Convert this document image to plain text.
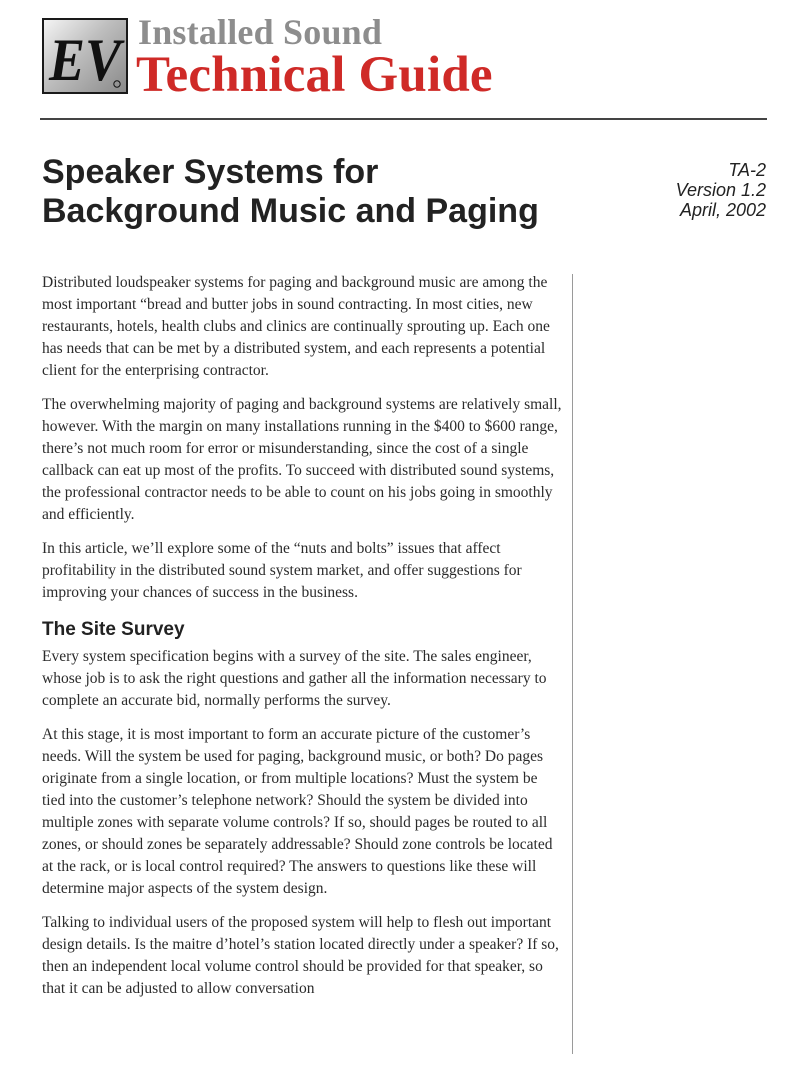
EV Installed Sound
Technical Guide
Speaker Systems for
Background Music and Paging
TA-2
Version 1.2
April, 2002

Distributed loudspeaker systems for paging and background music are among the most important “bread and butter jobs in sound contracting. In most cities, new restaurants, hotels, health clubs and clinics are continually sprouting up. Each one has needs that can be met by a distributed system, and each represents a potential client for the enterprising contractor.

The overwhelming majority of paging and background systems are relatively small, however. With the margin on many installations running in the $400 to $600 range, there’s not much room for error or misunderstanding, since the cost of a single callback can eat up most of the profits. To succeed with distributed sound systems, the professional contractor needs to be able to count on his jobs going in smoothly and efficiently.

In this article, we’ll explore some of the “nuts and bolts” issues that affect profitability in the distributed sound system market, and offer suggestions for improving your chances of success in the business.

The Site Survey

Every system specification begins with a survey of the site. The sales engineer, whose job is to ask the right questions and gather all the information necessary to complete an accurate bid, normally performs the survey.

At this stage, it is most important to form an accurate picture of the customer’s needs. Will the system be used for paging, background music, or both? Do pages originate from a single location, or from multiple locations? Must the system be tied into the customer’s telephone network? Should the system be divided into multiple zones with separate volume controls? If so, should pages be routed to all zones, or should zones be separately addressable? Should zone controls be located at the rack, or is local control required? The answers to questions like these will determine major aspects of the system design.

Talking to individual users of the proposed system will help to flesh out important design details. Is the maitre d’hotel’s station located directly under a speaker? If so, then an independent local volume control should be provided for that speaker, so that it can be adjusted to allow conversation
